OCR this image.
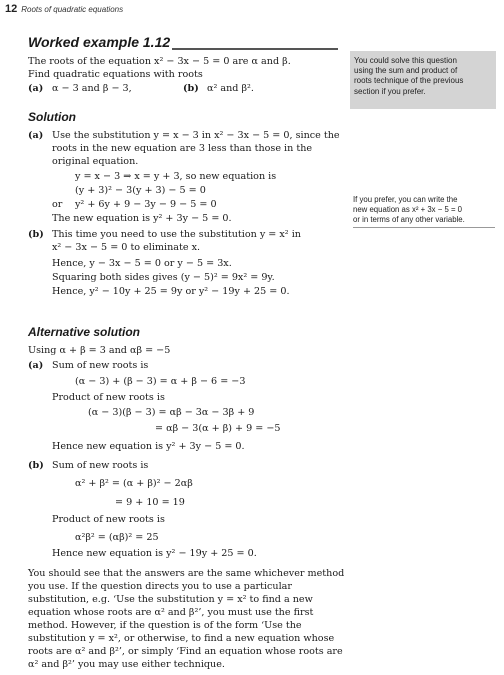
12 Roots of quadratic equations
Worked example 1.12
The roots of the equation x² − 3x − 5 = 0 are α and β.
Find quadratic equations with roots
(a) α − 3 and β − 3,	(b) α² and β².
You could solve this question
using the sum and product of
roots technique of the previous
section if you prefer.
If you prefer, you can write the
new equation as x² + 3x − 5 = 0
or in terms of any other variable.
Solution
(a) Use the substitution y = x − 3 in x² − 3x − 5 = 0, since the
roots in the new equation are 3 less than those in the
original equation.
y = x − 3 ⇒ x = y + 3, so new equation is
(y + 3)² − 3(y + 3) − 5 = 0
or y² + 6y + 9 − 3y − 9 − 5 = 0
The new equation is y² + 3y − 5 = 0.
(b) This time you need to use the substitution y = x² in
x² − 3x − 5 = 0 to eliminate x.
Hence, y − 3x − 5 = 0 or y − 5 = 3x.
Squaring both sides gives (y − 5)² = 9x² = 9y.
Hence, y² − 10y + 25 = 9y or y² − 19y + 25 = 0.
Alternative solution
Using α + β = 3 and αβ = −5
(a) Sum of new roots is
(α − 3) + (β − 3) = α + β − 6 = −3
Product of new roots is
(α − 3)(β − 3) = αβ − 3α − 3β + 9
= αβ − 3(α + β) + 9 = −5
Hence new equation is y² + 3y − 5 = 0.
(b) Sum of new roots is
α² + β² = (α + β)² − 2αβ
= 9 + 10 = 19
Product of new roots is
α²β² = (αβ)² = 25
Hence new equation is y² − 19y + 25 = 0.
You should see that the answers are the same whichever method
you use. If the question directs you to use a particular
substitution, e.g. ‘Use the substitution y = x² to find a new
equation whose roots are α² and β²’, you must use the first
method. However, if the question is of the form ‘Use the
substitution y = x², or otherwise, to find a new equation whose
roots are α² and β²’, or simply ‘Find an equation whose roots are
α² and β²’ you may use either technique.
